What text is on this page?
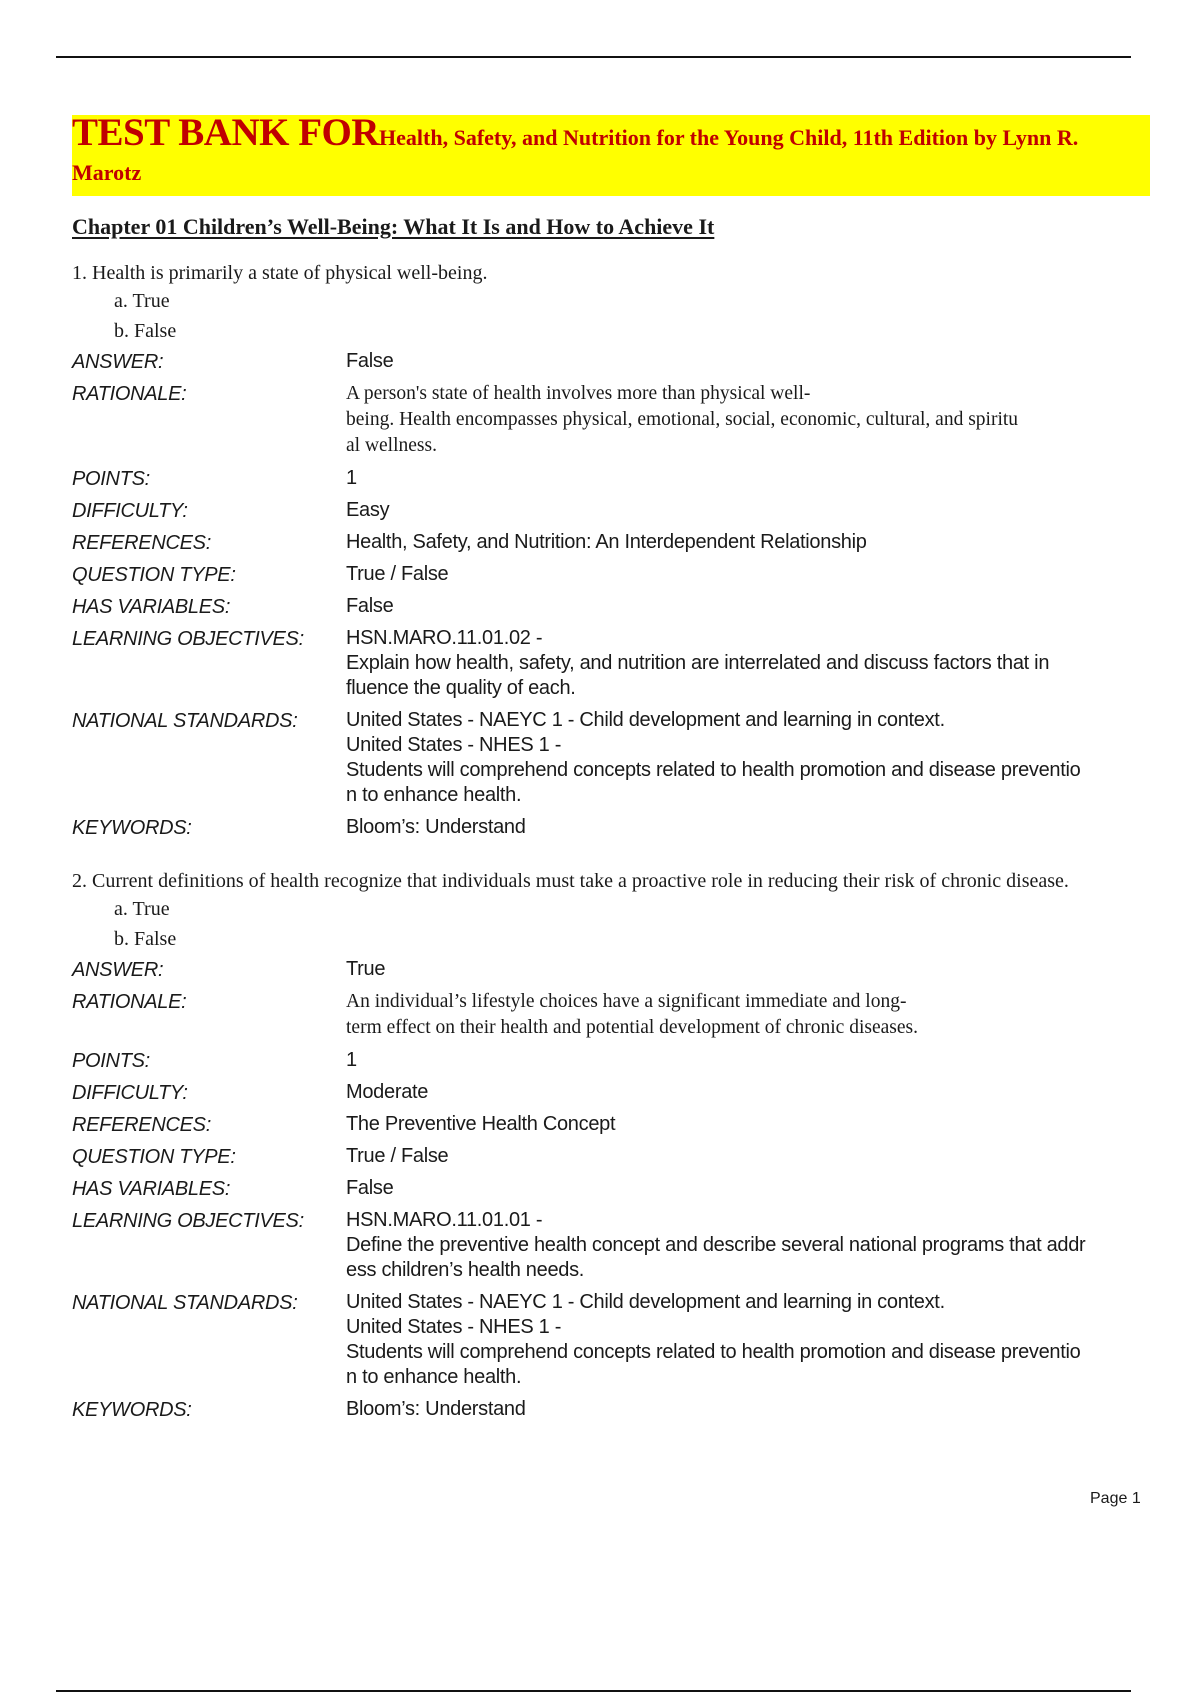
TEST BANK FORHealth, Safety, and Nutrition for the Young Child, 11th Edition by Lynn R. Marotz
Chapter 01 Children’s Well-Being: What It Is and How to Achieve It
1. Health is primarily a state of physical well-being.
a. True
b. False
ANSWER:	False
RATIONALE:	A person's state of health involves more than physical well-
being. Health encompasses physical, emotional, social, economic, cultural, and spiritu
al wellness.
POINTS:	1
DIFFICULTY:	Easy
REFERENCES:	Health, Safety, and Nutrition: An Interdependent Relationship
QUESTION TYPE:	True / False
HAS VARIABLES:	False
LEARNING OBJECTIVES:	HSN.MARO.11.01.02 -
Explain how health, safety, and nutrition are interrelated and discuss factors that in
fluence the quality of each.
NATIONAL STANDARDS:	United States - NAEYC 1 - Child development and learning in context.
United States - NHES 1 -
Students will comprehend concepts related to health promotion and disease preventio
n to enhance health.
KEYWORDS:	Bloom’s: Understand
2. Current definitions of health recognize that individuals must take a proactive role in reducing their risk of chronic disease.
a. True
b. False
ANSWER:	True
RATIONALE:	An individual’s lifestyle choices have a significant immediate and long-
term effect on their health and potential development of chronic diseases.
POINTS:	1
DIFFICULTY:	Moderate
REFERENCES:	The Preventive Health Concept
QUESTION TYPE:	True / False
HAS VARIABLES:	False
LEARNING OBJECTIVES:	HSN.MARO.11.01.01 -
Define the preventive health concept and describe several national programs that addr
ess children’s health needs.
NATIONAL STANDARDS:	United States - NAEYC 1 - Child development and learning in context.
United States - NHES 1 -
Students will comprehend concepts related to health promotion and disease preventio
n to enhance health.
KEYWORDS:	Bloom’s: Understand
Page 1
